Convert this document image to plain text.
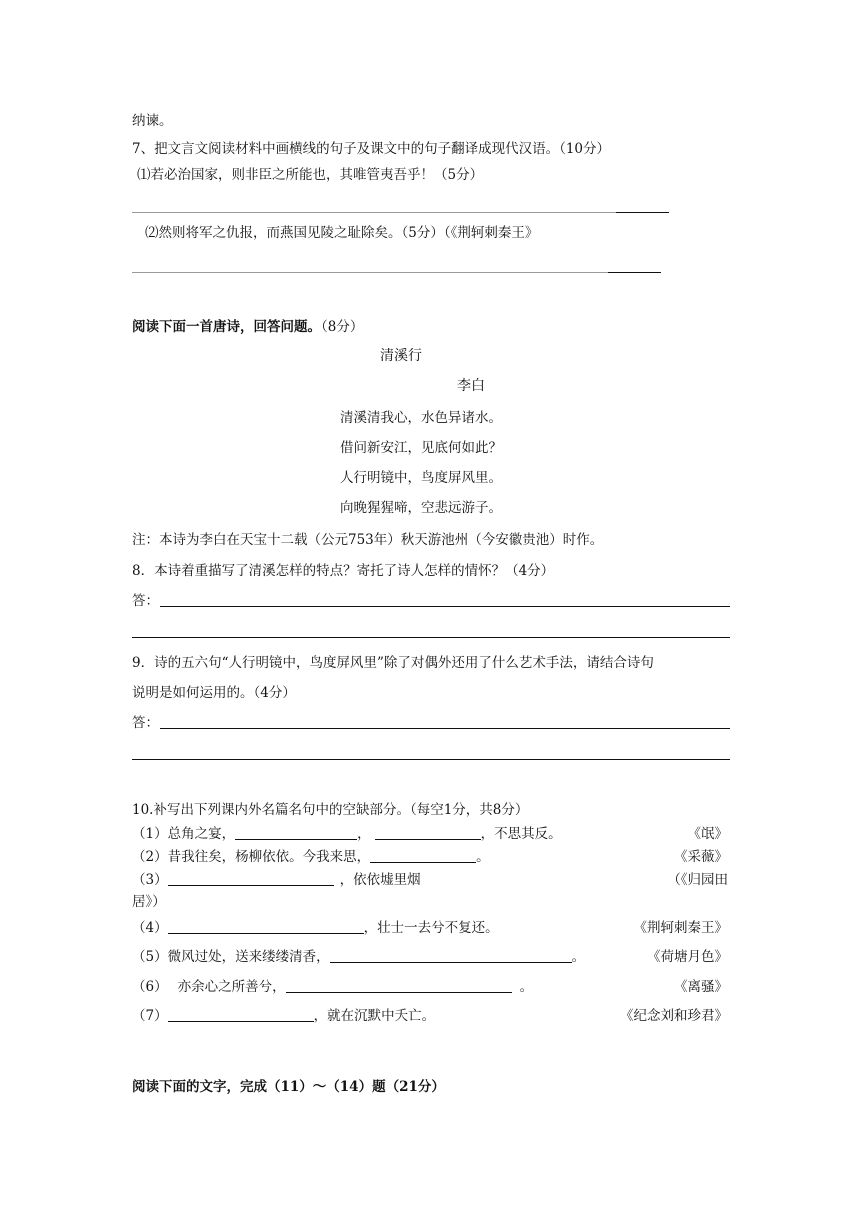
纳谏。
7、把文言文阅读材料中画横线的句子及课文中的句子翻译成现代汉语。（10分）
⑴若必治国家，则非臣之所能也，其唯管夷吾乎！（5分）
⑵然则将军之仇报，而燕国见陵之耻除矣。（5分）（《荆轲刺秦王》
阅读下面一首唐诗，回答问题。（8分）
清溪行
李白
清溪清我心，水色异诸水。
借问新安江，见底何如此？
人行明镜中，鸟度屏风里。
向晚猩猩啼，空悲远游子。
注：本诗为李白在天宝十二载（公元753年）秋天游池州（今安徽贵池）时作。
8．本诗着重描写了清溪怎样的特点？寄托了诗人怎样的情怀？（4分）
答：
9．诗的五六句“人行明镜中，鸟度屏风里”除了对偶外还用了什么艺术手法，请结合诗句
说明是如何运用的。（4分）
答：
10.补写出下列课内外名篇名句中的空缺部分。（每空1分，共8分）
（1）总角之宴，	，	，不思其反。	《氓》
（2）昔我往矣，杨柳依依。今我来思，	。	《采薇》
（3）	，依依墟里烟	（《归园田
居》）
（4）	，壮士一去兮不复还。	《荆轲刺秦王》
（5）微风过处，送来缕缕清香，	。	《荷塘月色》
（6） 亦余心之所善兮，	。	《离骚》
（7）	，就在沉默中夭亡。	《纪念刘和珍君》
阅读下面的文字，完成（11）～（14）题（21分）
